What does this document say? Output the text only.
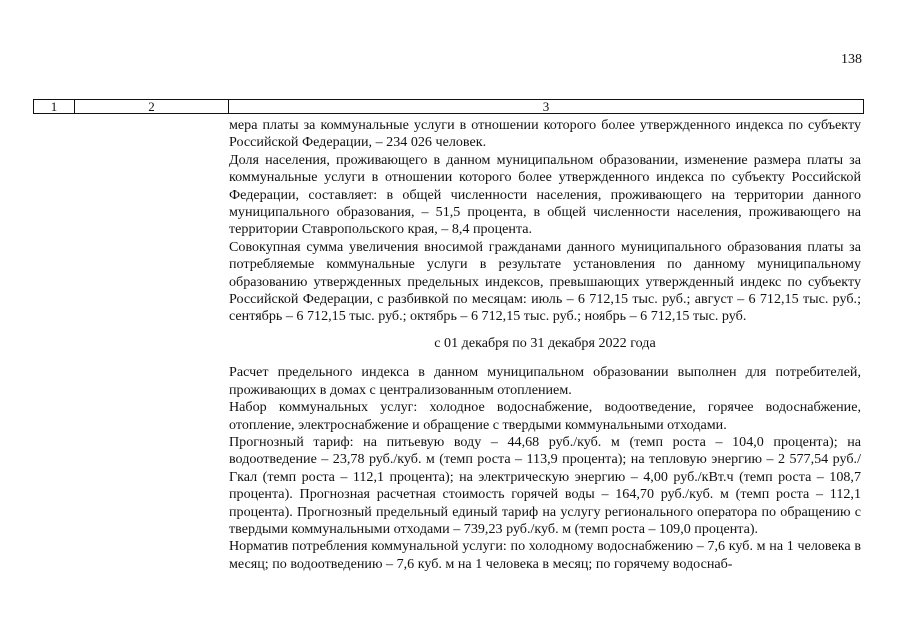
138
1	2	3

мера платы за коммунальные услуги в отношении которого более утвержденного индекса по субъекту Российской Федерации, – 234 026 человек.

Доля населения, проживающего в данном муниципальном образовании, изменение размера платы за коммунальные услуги в отношении которого более утвержденного индекса по субъекту Российской Федерации, составляет: в общей численности населения, проживающего на территории данного муниципального образования, – 51,5 процента, в общей численности населения, проживающего на территории Ставропольского края, – 8,4 процента.

Совокупная сумма увеличения вносимой гражданами данного муниципального образования платы за потребляемые коммунальные услуги в результате установления по данному муниципальному образованию утвержденных предельных индексов, превышающих утвержденный индекс по субъекту Российской Федерации, с разбивкой по месяцам: июль – 6 712,15 тыс. руб.; август – 6 712,15 тыс. руб.; сентябрь – 6 712,15 тыс. руб.; октябрь – 6 712,15 тыс. руб.; ноябрь – 6 712,15 тыс. руб.

с 01 декабря по 31 декабря 2022 года

Расчет предельного индекса в данном муниципальном образовании выполнен для потребителей, проживающих в домах с централизованным отоплением.

Набор коммунальных услуг: холодное водоснабжение, водоотведение, горячее водоснабжение, отопление, электроснабжение и обращение с твердыми коммунальными отходами.

Прогнозный тариф: на питьевую воду – 44,68 руб./куб. м (темп роста – 104,0 процента); на водоотведение – 23,78 руб./куб. м (темп роста – 113,9 процента); на тепловую энергию – 2 577,54 руб./Гкал (темп роста – 112,1 процента); на электрическую энергию – 4,00 руб./кВт.ч (темп роста – 108,7 процента). Прогнозная расчетная стоимость горячей воды – 164,70 руб./куб. м (темп роста – 112,1 процента). Прогнозный предельный единый тариф на услугу регионального оператора по обращению с твердыми коммунальными отходами – 739,23 руб./куб. м (темп роста – 109,0 процента).

Норматив потребления коммунальной услуги: по холодному водоснабжению – 7,6 куб. м на 1 человека в месяц; по водоотведению – 7,6 куб. м на 1 человека в месяц; по горячему водоснаб-
